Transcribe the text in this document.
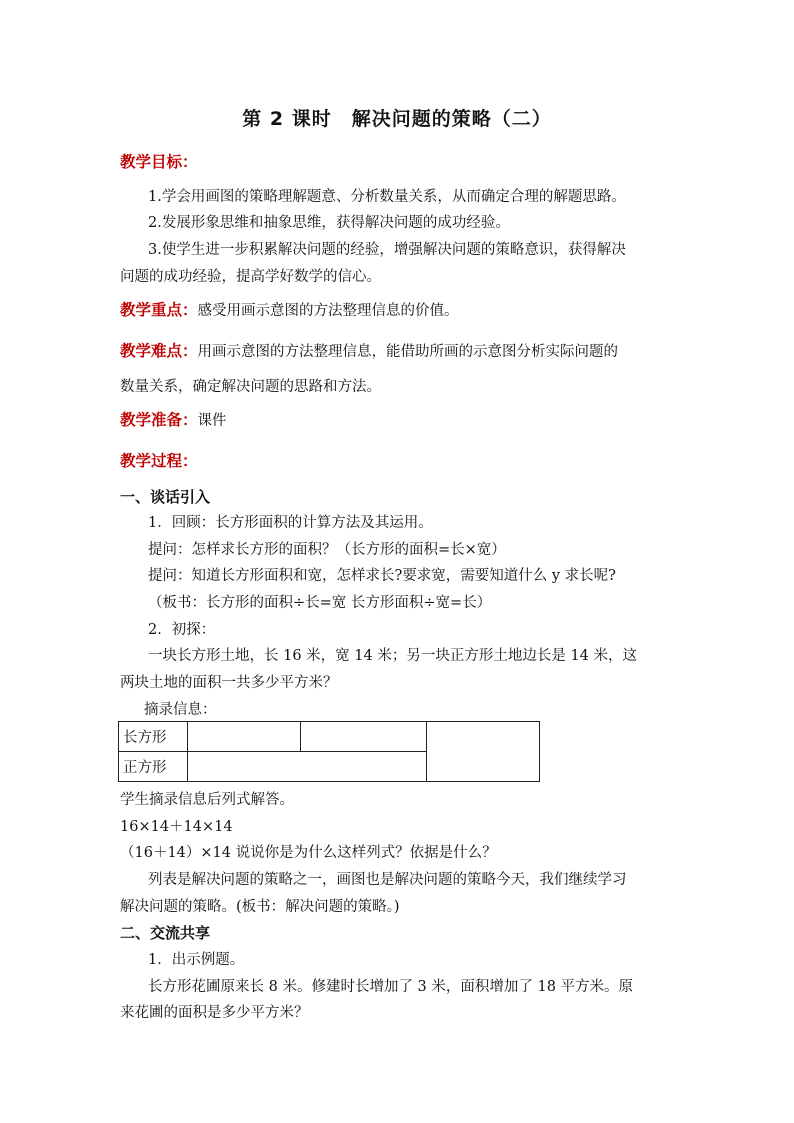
第 2 课时　解决问题的策略（二）
教学目标：
1.学会用画图的策略理解题意、分析数量关系，从而确定合理的解题思路。
2.发展形象思维和抽象思维，获得解决问题的成功经验。
3.使学生进一步积累解决问题的经验，增强解决问题的策略意识，获得解决
问题的成功经验，提高学好数学的信心。
教学重点：感受用画示意图的方法整理信息的价值。
教学难点：用画示意图的方法整理信息，能借助所画的示意图分析实际问题的
数量关系，确定解决问题的思路和方法。
教学准备：课件
教学过程：
一、谈话引入
1．回顾：长方形面积的计算方法及其运用。
提问：怎样求长方形的面积？（长方形的面积=长×宽）
提问：知道长方形面积和宽，怎样求长?要求宽，需要知道什么 y 求长呢?
（板书：长方形的面积÷长=宽 长方形面积÷宽=长）
2．初探：
一块长方形土地，长 16 米，宽 14 米；另一块正方形土地边长是 14 米，这
两块土地的面积一共多少平方米？
摘录信息：
长方形			
正方形			
学生摘录信息后列式解答。
16×14＋14×14
（16＋14）×14 说说你是为什么这样列式？依据是什么？
列表是解决问题的策略之一，画图也是解决问题的策略今天，我们继续学习
解决问题的策略。(板书：解决问题的策略。)
二、交流共享
1．出示例题。
长方形花圃原来长 8 米。修建时长增加了 3 米，面积增加了 18 平方米。原
来花圃的面积是多少平方米？
